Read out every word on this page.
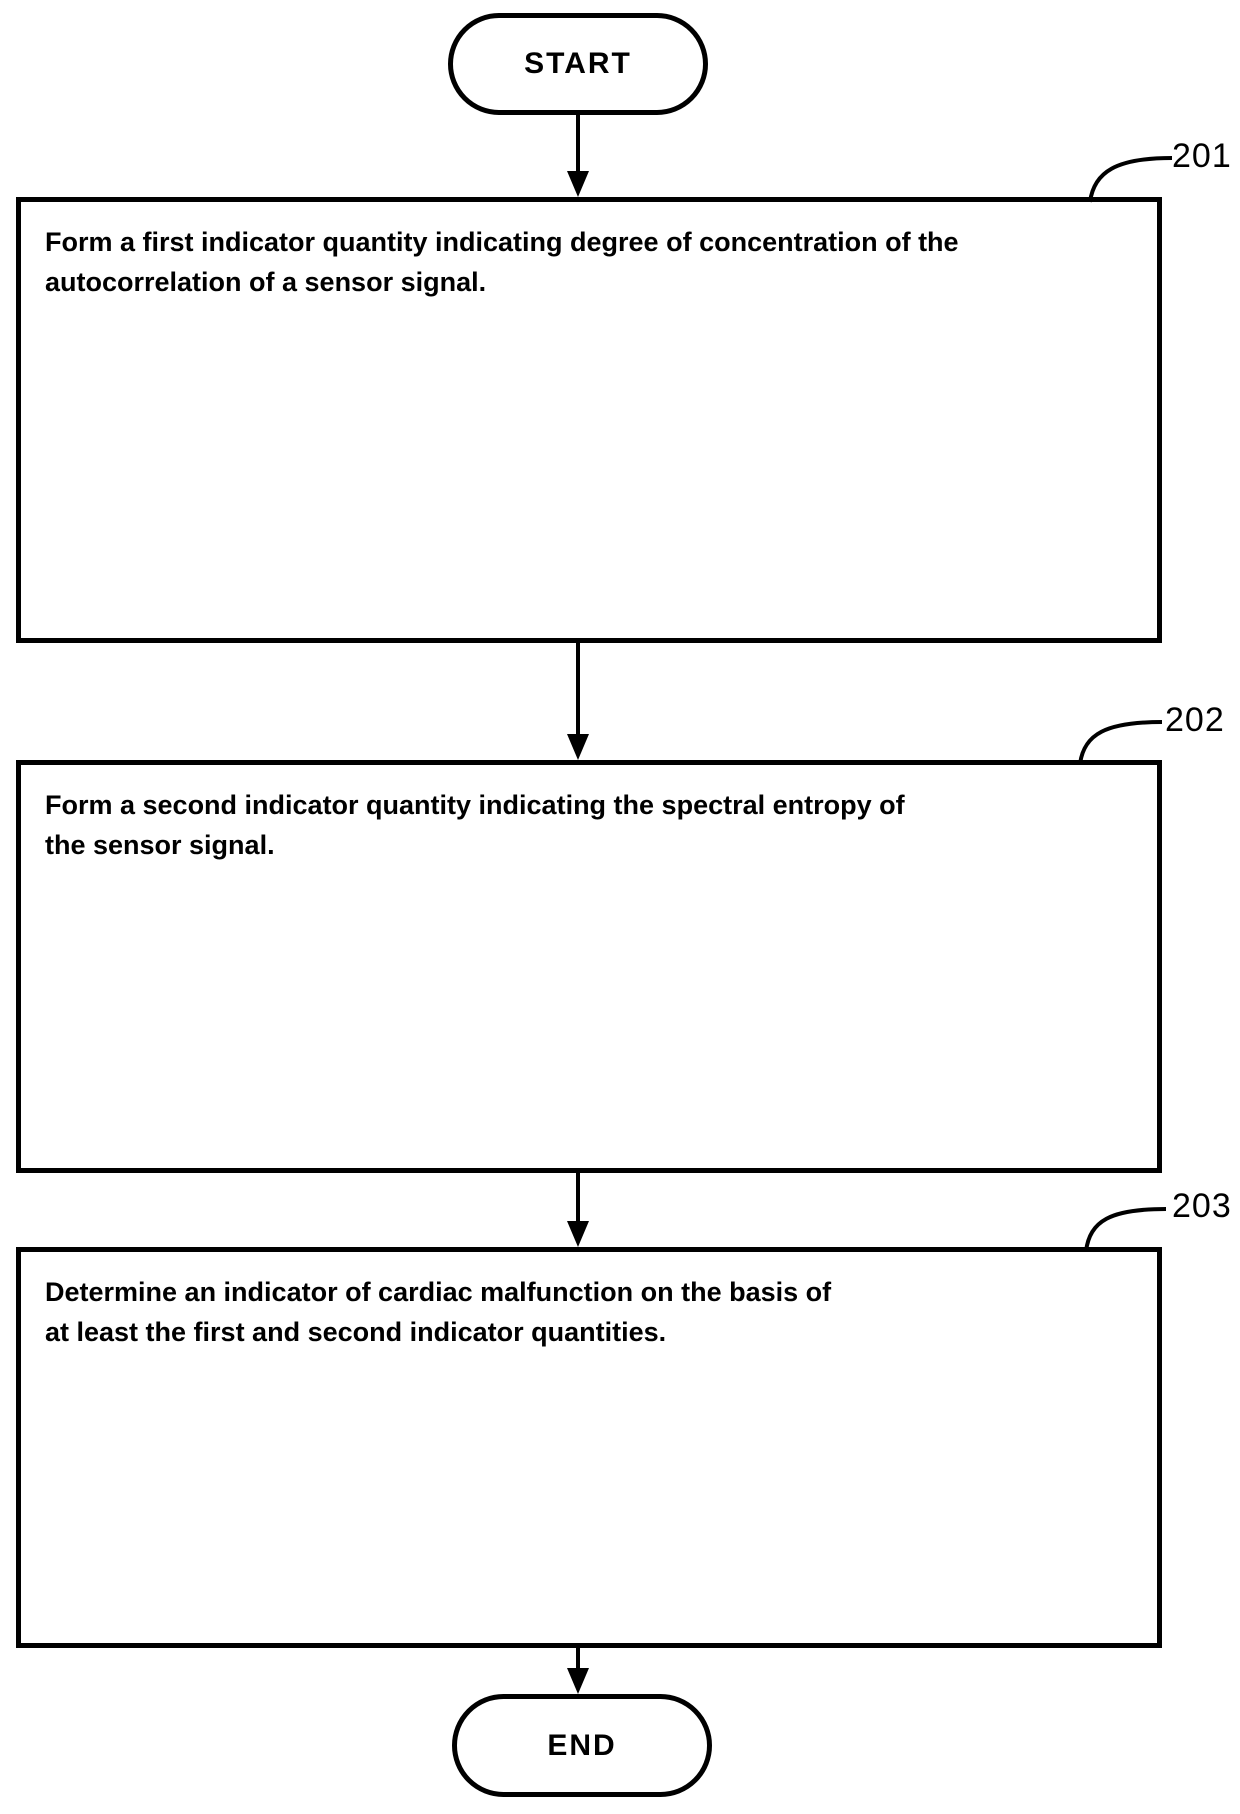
START
Form a first indicator quantity indicating degree of concentration of the
autocorrelation of a sensor signal.
201
Form a second indicator quantity indicating the spectral entropy of
the sensor signal.
202
Determine an indicator of cardiac malfunction on the basis of
at least the first and second indicator quantities.
203
END
